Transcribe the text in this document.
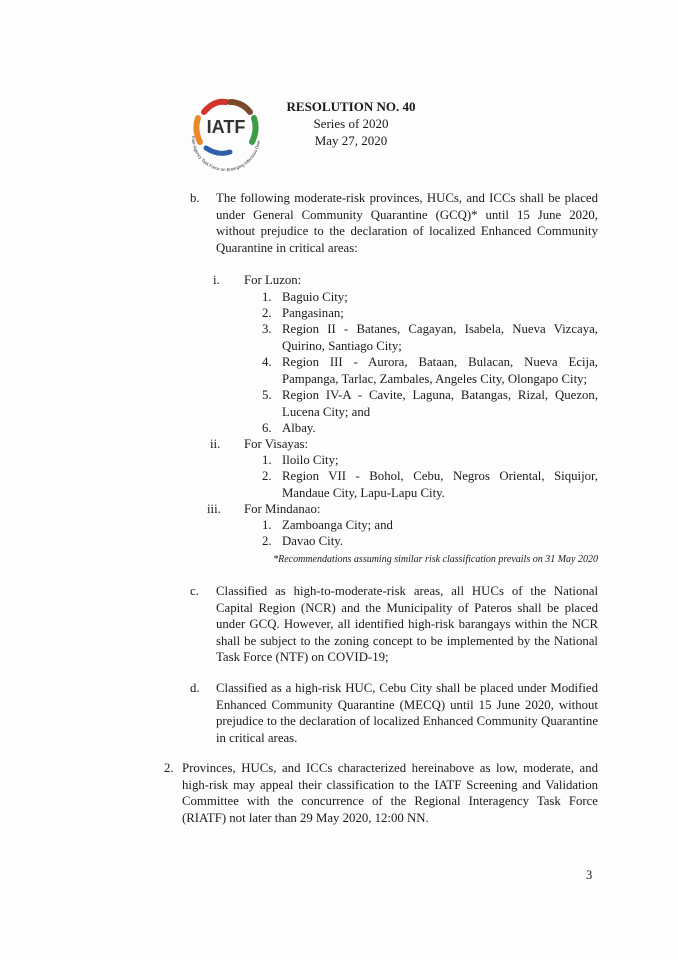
IATF
Inter-Agency Task Force on Emerging Infectious Dise
RESOLUTION NO. 40
Series of 2020
May 27, 2020
b. The following moderate-risk provinces, HUCs, and ICCs shall be placed under General Community Quarantine (GCQ)* until 15 June 2020, without prejudice to the declaration of localized Enhanced Community Quarantine in critical areas:
i. For Luzon:
1. Baguio City;
2. Pangasinan;
3. Region II - Batanes, Cagayan, Isabela, Nueva Vizcaya, Quirino, Santiago City;
4. Region III - Aurora, Bataan, Bulacan, Nueva Ecija, Pampanga, Tarlac, Zambales, Angeles City, Olongapo City;
5. Region IV-A - Cavite, Laguna, Batangas, Rizal, Quezon, Lucena City; and
6. Albay.
ii. For Visayas:
1. Iloilo City;
2. Region VII - Bohol, Cebu, Negros Oriental, Siquijor, Mandaue City, Lapu-Lapu City.
iii. For Mindanao:
1. Zamboanga City; and
2. Davao City.
*Recommendations assuming similar risk classification prevails on 31 May 2020
c. Classified as high-to-moderate-risk areas, all HUCs of the National Capital Region (NCR) and the Municipality of Pateros shall be placed under GCQ. However, all identified high-risk barangays within the NCR shall be subject to the zoning concept to be implemented by the National Task Force (NTF) on COVID-19;
d. Classified as a high-risk HUC, Cebu City shall be placed under Modified Enhanced Community Quarantine (MECQ) until 15 June 2020, without prejudice to the declaration of localized Enhanced Community Quarantine in critical areas.
2. Provinces, HUCs, and ICCs characterized hereinabove as low, moderate, and high-risk may appeal their classification to the IATF Screening and Validation Committee with the concurrence of the Regional Interagency Task Force (RIATF) not later than 29 May 2020, 12:00 NN.
3
